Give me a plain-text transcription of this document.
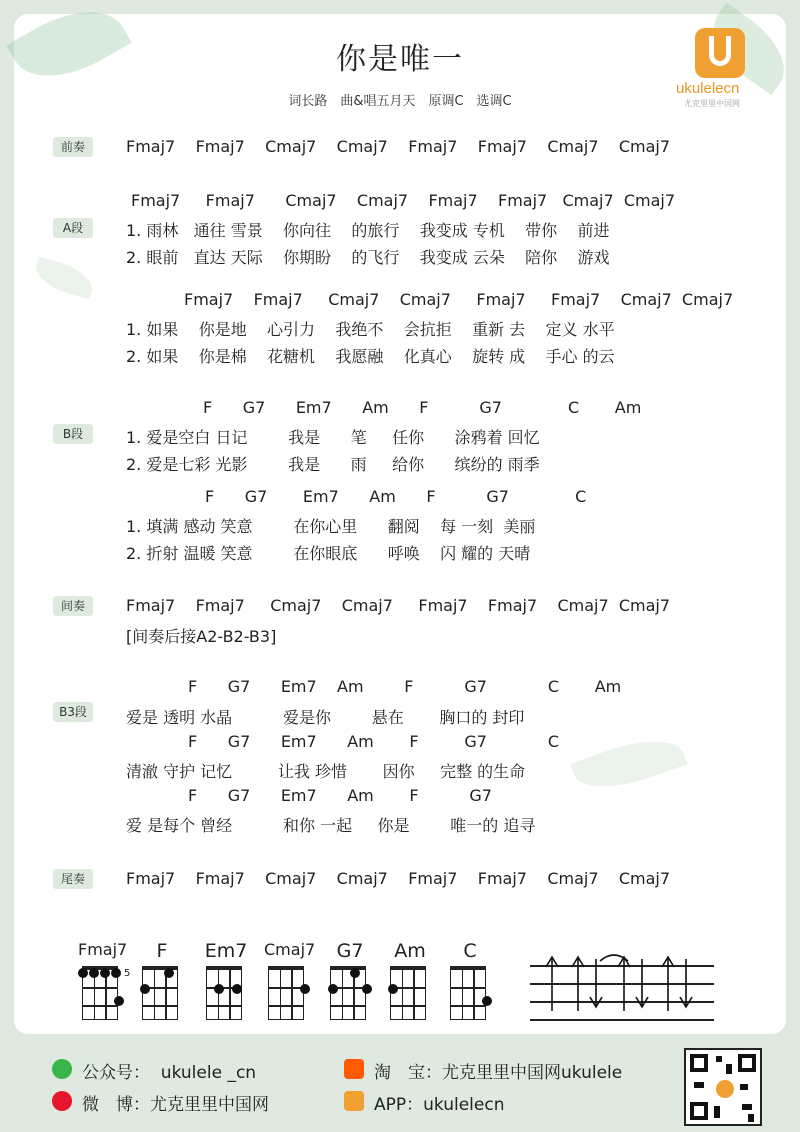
你是唯一
词长路　曲&唱五月天　原调C　选调C
ukulelecn
尤克里里中国网
前奏	Fmaj7    Fmaj7    Cmaj7    Cmaj7    Fmaj7    Fmaj7    Cmaj7    Cmaj7
Fmaj7     Fmaj7      Cmaj7    Cmaj7    Fmaj7    Fmaj7   Cmaj7  Cmaj7
A段	1. 雨林   通往 雪景    你向往    的旅行    我变成 专机    带你    前进
2. 眼前   直达 天际    你期盼    的飞行    我变成 云朵    陪你    游戏
Fmaj7    Fmaj7     Cmaj7    Cmaj7     Fmaj7     Fmaj7    Cmaj7  Cmaj7
1. 如果    你是地    心引力    我绝不    会抗拒    重新 去    定义 水平
2. 如果    你是棉    花糖机    我愿融    化真心    旋转 成    手心 的云
F      G7      Em7      Am      F          G7             C       Am
B段	1. 爱是空白 日记        我是      笔     任你      涂鸦着 回忆
2. 爱是七彩 光影        我是      雨     给你      缤纷的 雨季
F      G7       Em7      Am      F          G7             C
1. 填满 感动 笑意        在你心里      翻阅    每 一刻  美丽
2. 折射 温暖 笑意        在你眼底      呼唤    闪 耀的 天晴
间奏	Fmaj7    Fmaj7     Cmaj7    Cmaj7     Fmaj7    Fmaj7    Cmaj7  Cmaj7
[间奏后接A2-B2-B3]
F      G7      Em7    Am        F          G7            C       Am
B3段	爱是 透明 水晶          爱是你        悬在       胸口的 封印
F      G7      Em7      Am       F         G7            C
清澈 守护 记忆         让我 珍惜       因你     完整 的生命
F      G7      Em7      Am       F          G7
爱 是每个 曾经          和你 一起     你是        唯一的 追寻
尾奏	Fmaj7    Fmaj7    Cmaj7    Cmaj7    Fmaj7    Fmaj7    Cmaj7    Cmaj7
Fmaj7
5
F	Em7 Cmaj7	G7	Am	C
公众号：  ukulele _cn
微　博：尤克里里中国网
淘　宝：尤克里里中国网ukulele
APP：ukulelecn
